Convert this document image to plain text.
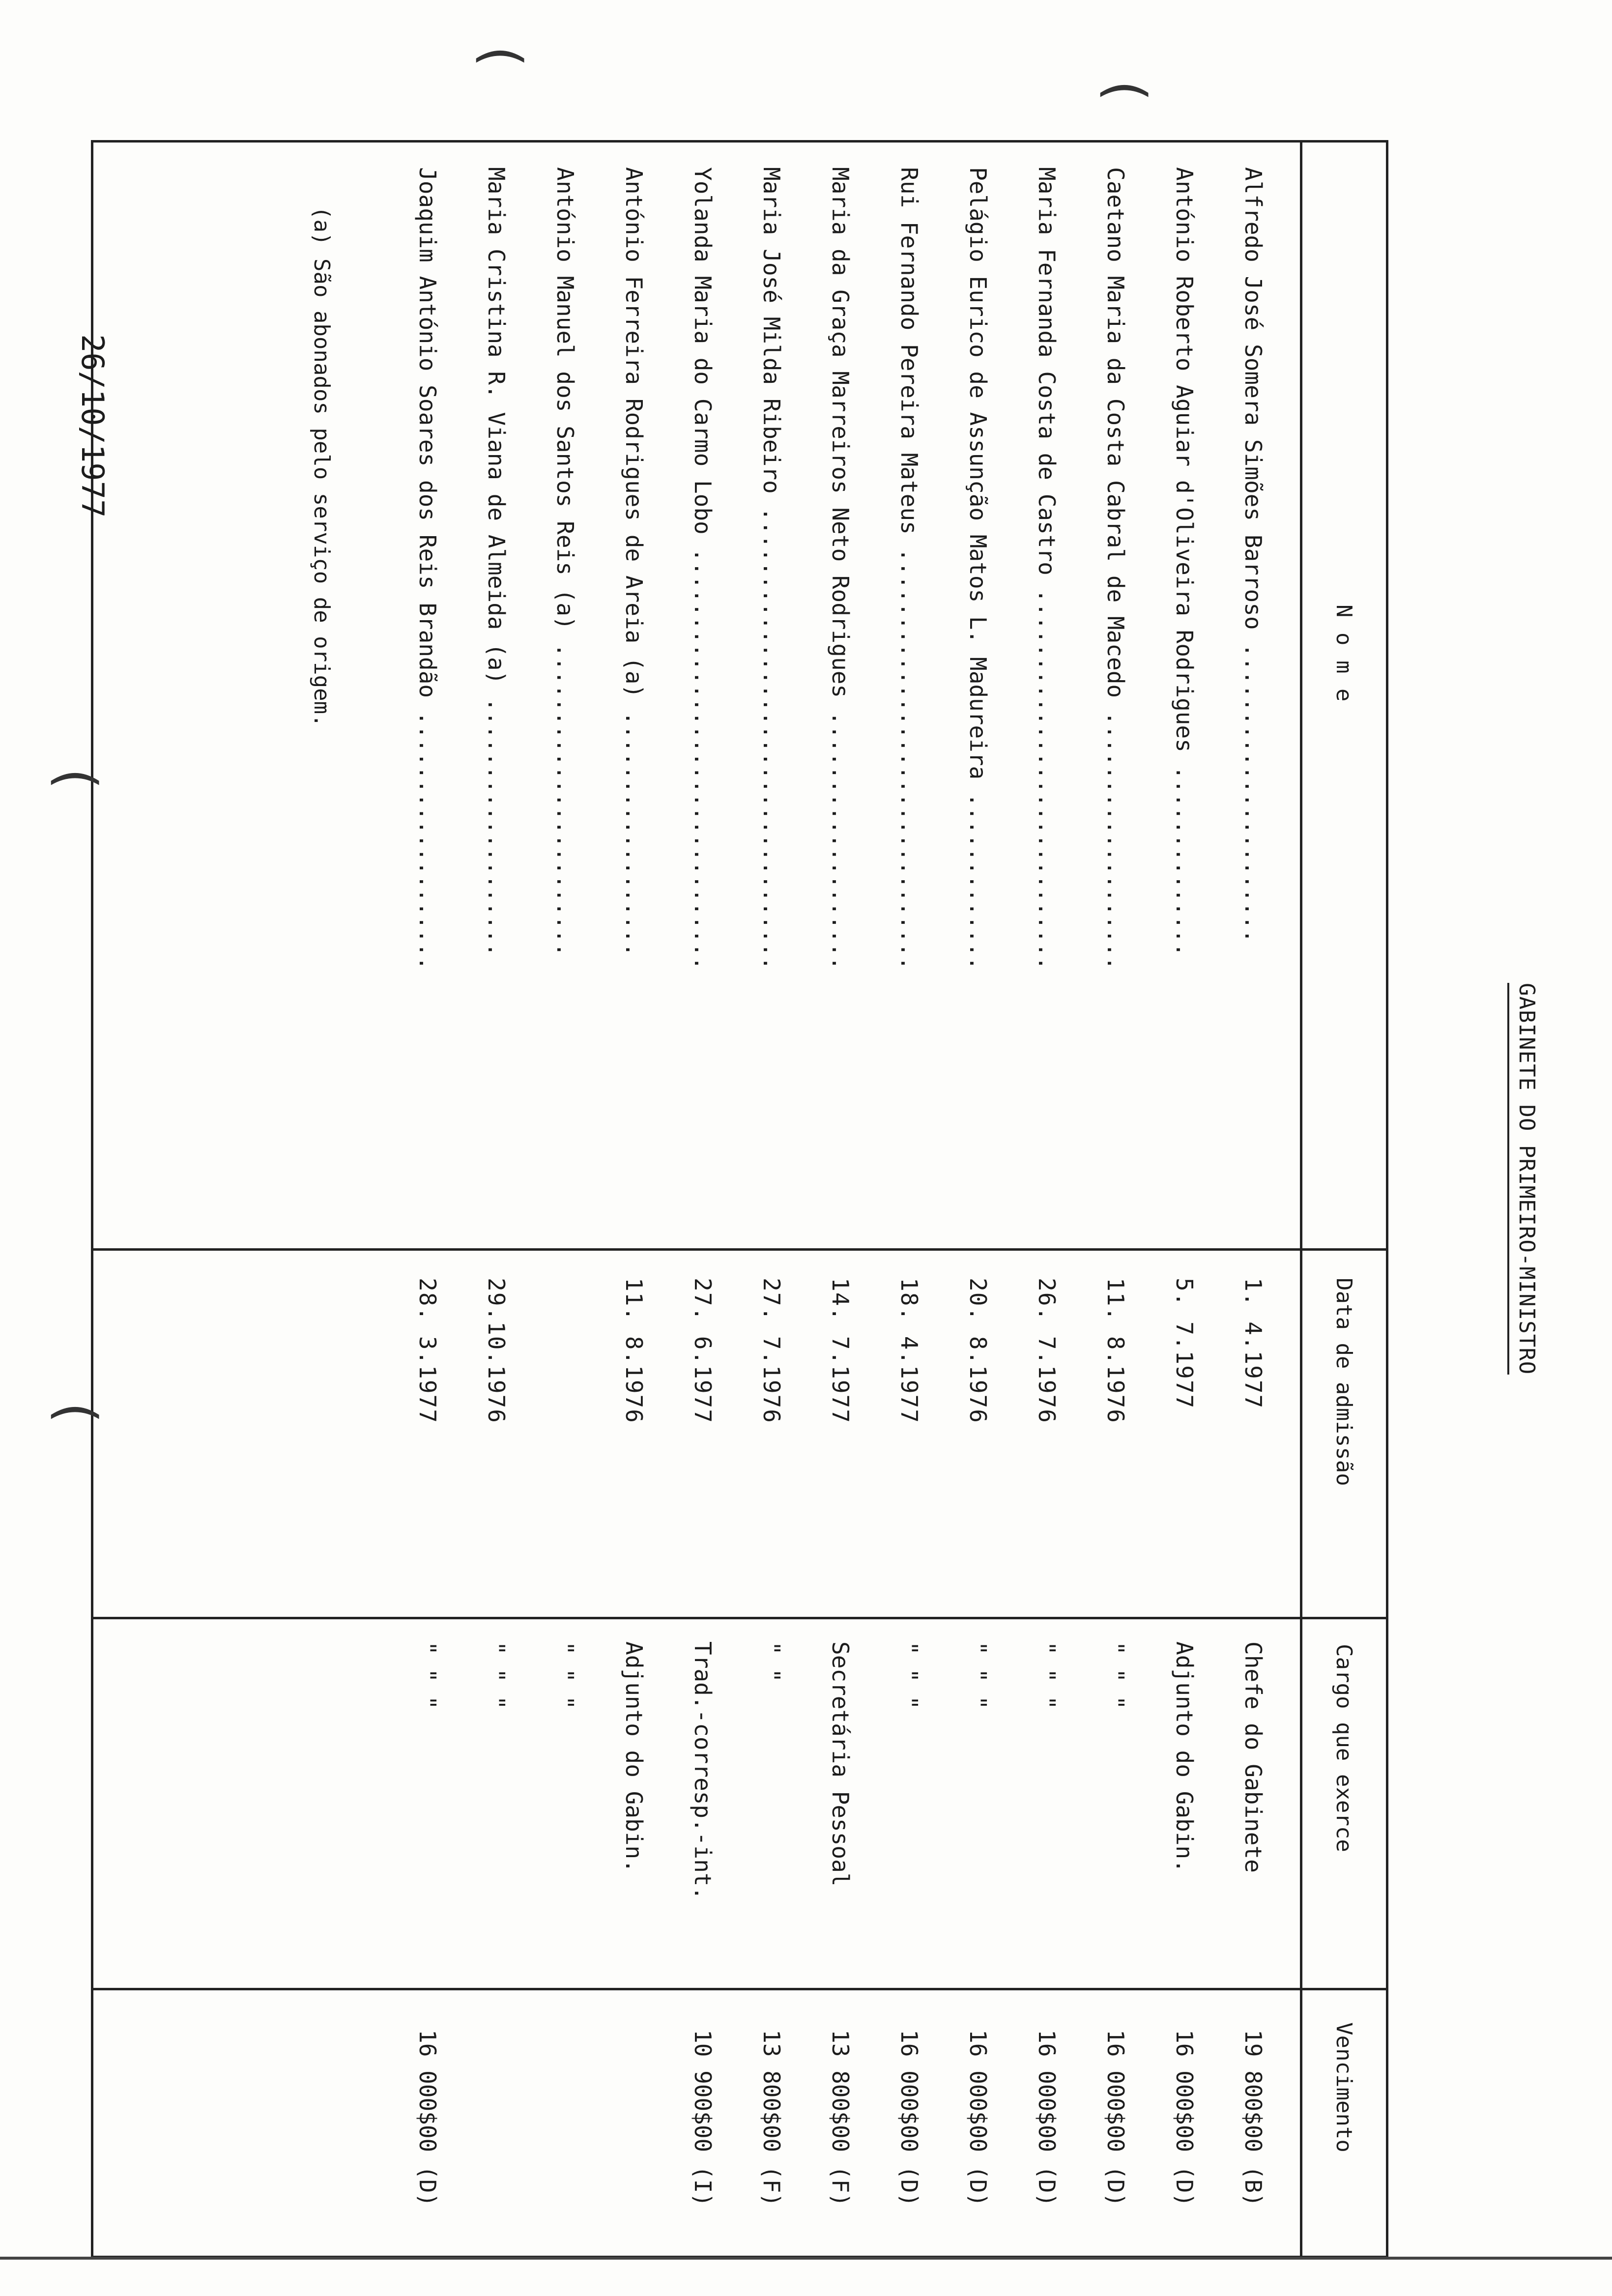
GABINETE DO PRIMEIRO-MINISTRO
N o m e
Data de admissão
Cargo que exerce
Vencimento
Alfredo José Somera Simões Barroso ......................
1. 4.1977
Chefe do Gabinete
19 800$00 (B)
António Roberto Aguiar d'Oliveira Rodrigues ..............
5. 7.1977
Adjunto do Gabin.
16 000$00 (D)
Caetano Maria da Costa Cabral de Macedo ...................
11. 8.1976
" " "
16 000$00 (D)
Maria Fernanda Costa de Castro ............................
26. 7.1976
" " "
16 000$00 (D)
Pelágio Eurico de Assunção Matos L. Madureira .............
20. 8.1976
" " "
16 000$00 (D)
Rui Fernando Pereira Mateus ...............................
18. 4.1977
" " "
16 000$00 (D)
Maria da Graça Marreiros Neto Rodrigues ...................
14. 7.1977
Secretária Pessoal
13 800$00 (F)
Maria José Milda Ribeiro ..................................
27. 7.1976
" "
13 800$00 (F)
Yolanda Maria do Carmo Lobo ...............................
27. 6.1977
Trad.-corresp.-int.
10 900$00 (I)
António Ferreira Rodrigues de Areia (a) ..................
11. 8.1976
Adjunto do Gabin.
António Manuel dos Santos Reis (a) .......................
" " "
Maria Cristina R. Viana de Almeida (a) ...................
29.10.1976
" " "
Joaquim António Soares dos Reis Brandão ...................
28. 3.1977
" " "
16 000$00 (D)
(a) São abonados pelo serviço de origem.
26/10/1977
(
(
(
(
